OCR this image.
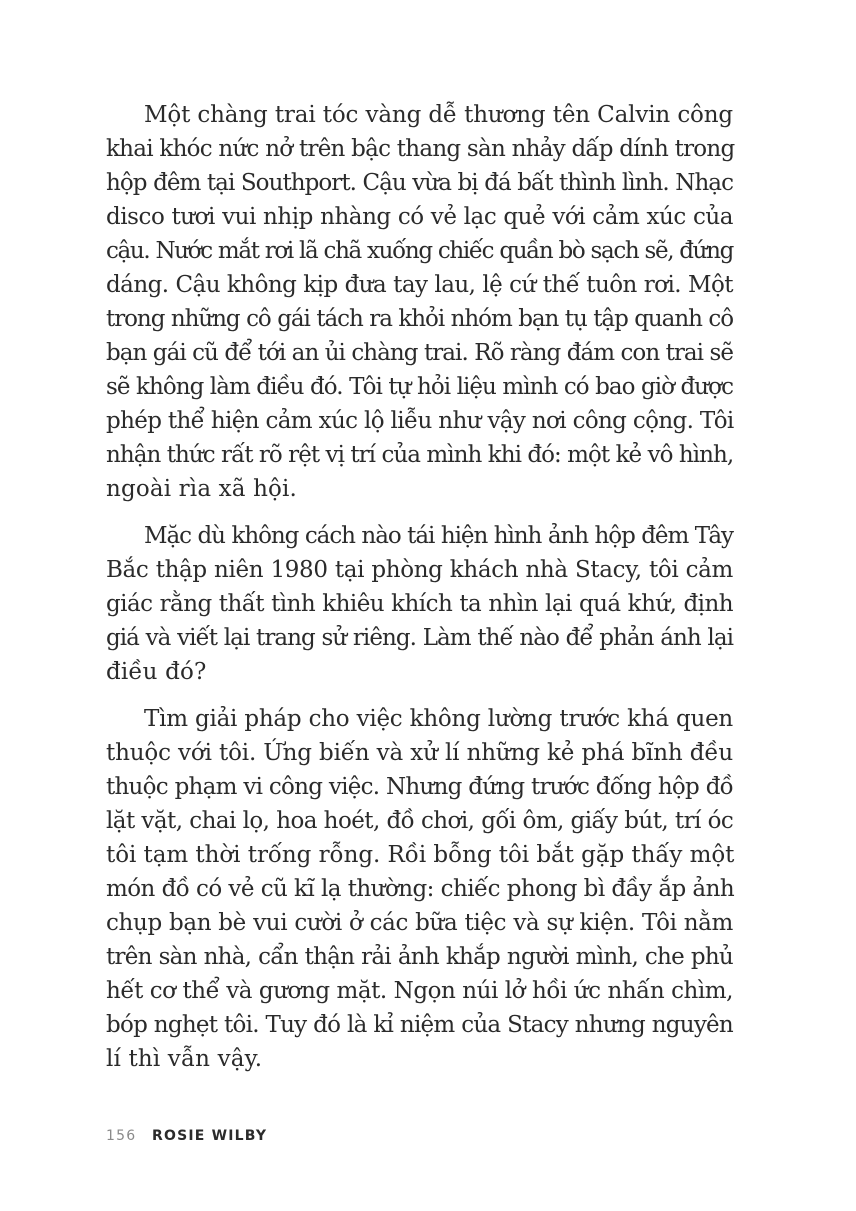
Một chàng trai tóc vàng dễ thương tên Calvin công
khai khóc nức nở trên bậc thang sàn nhảy dấp dính trong
hộp đêm tại Southport. Cậu vừa bị đá bất thình lình. Nhạc
disco tươi vui nhịp nhàng có vẻ lạc quẻ với cảm xúc của
cậu. Nước mắt rơi lã chã xuống chiếc quần bò sạch sẽ, đứng
dáng. Cậu không kịp đưa tay lau, lệ cứ thế tuôn rơi. Một
trong những cô gái tách ra khỏi nhóm bạn tụ tập quanh cô
bạn gái cũ để tới an ủi chàng trai. Rõ ràng đám con trai sẽ
sẽ không làm điều đó. Tôi tự hỏi liệu mình có bao giờ được
phép thể hiện cảm xúc lộ liễu như vậy nơi công cộng. Tôi
nhận thức rất rõ rệt vị trí của mình khi đó: một kẻ vô hình,
ngoài rìa xã hội.

Mặc dù không cách nào tái hiện hình ảnh hộp đêm Tây
Bắc thập niên 1980 tại phòng khách nhà Stacy, tôi cảm
giác rằng thất tình khiêu khích ta nhìn lại quá khứ, định
giá và viết lại trang sử riêng. Làm thế nào để phản ánh lại
điều đó?

Tìm giải pháp cho việc không lường trước khá quen
thuộc với tôi. Ứng biến và xử lí những kẻ phá bĩnh đều
thuộc phạm vi công việc. Nhưng đứng trước đống hộp đồ
lặt vặt, chai lọ, hoa hoét, đồ chơi, gối ôm, giấy bút, trí óc
tôi tạm thời trống rỗng. Rồi bỗng tôi bắt gặp thấy một
món đồ có vẻ cũ kĩ lạ thường: chiếc phong bì đầy ắp ảnh
chụp bạn bè vui cười ở các bữa tiệc và sự kiện. Tôi nằm
trên sàn nhà, cẩn thận rải ảnh khắp người mình, che phủ
hết cơ thể và gương mặt. Ngọn núi lở hồi ức nhấn chìm,
bóp nghẹt tôi. Tuy đó là kỉ niệm của Stacy nhưng nguyên
lí thì vẫn vậy.

156 ROSIE WILBY
